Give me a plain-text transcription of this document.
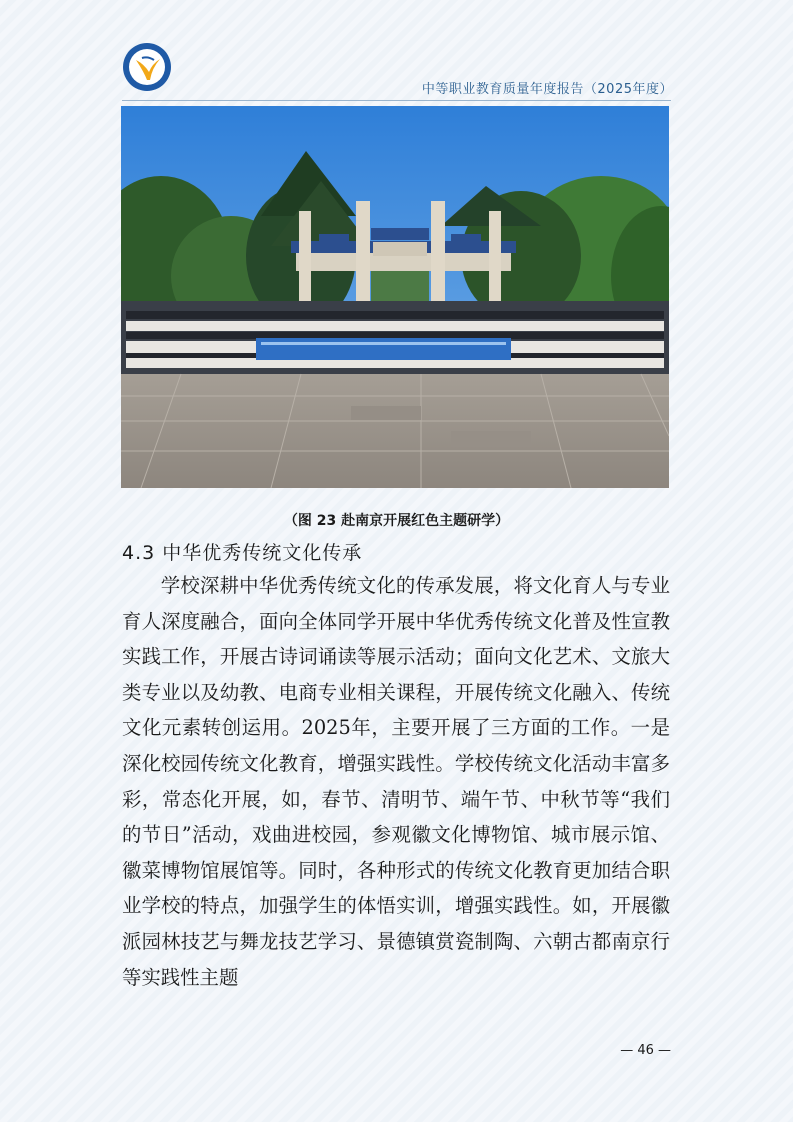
中等职业教育质量年度报告（2025年度）
（图 23 赴南京开展红色主题研学）
4.3 中华优秀传统文化传承

学校深耕中华优秀传统文化的传承发展，将文化育人与专业育人深度融合，面向全体同学开展中华优秀传统文化普及性宣教实践工作，开展古诗词诵读等展示活动；面向文化艺术、文旅大类专业以及幼教、电商专业相关课程，开展传统文化融入、传统文化元素转创运用。2025年，主要开展了三方面的工作。一是深化校园传统文化教育，增强实践性。学校传统文化活动丰富多彩，常态化开展，如，春节、清明节、端午节、中秋节等“我们的节日”活动，戏曲进校园，参观徽文化博物馆、城市展示馆、徽菜博物馆展馆等。同时，各种形式的传统文化教育更加结合职业学校的特点，加强学生的体悟实训，增强实践性。如，开展徽派园林技艺与舞龙技艺学习、景德镇赏瓷制陶、六朝古都南京行等实践性主题

— 46 —
